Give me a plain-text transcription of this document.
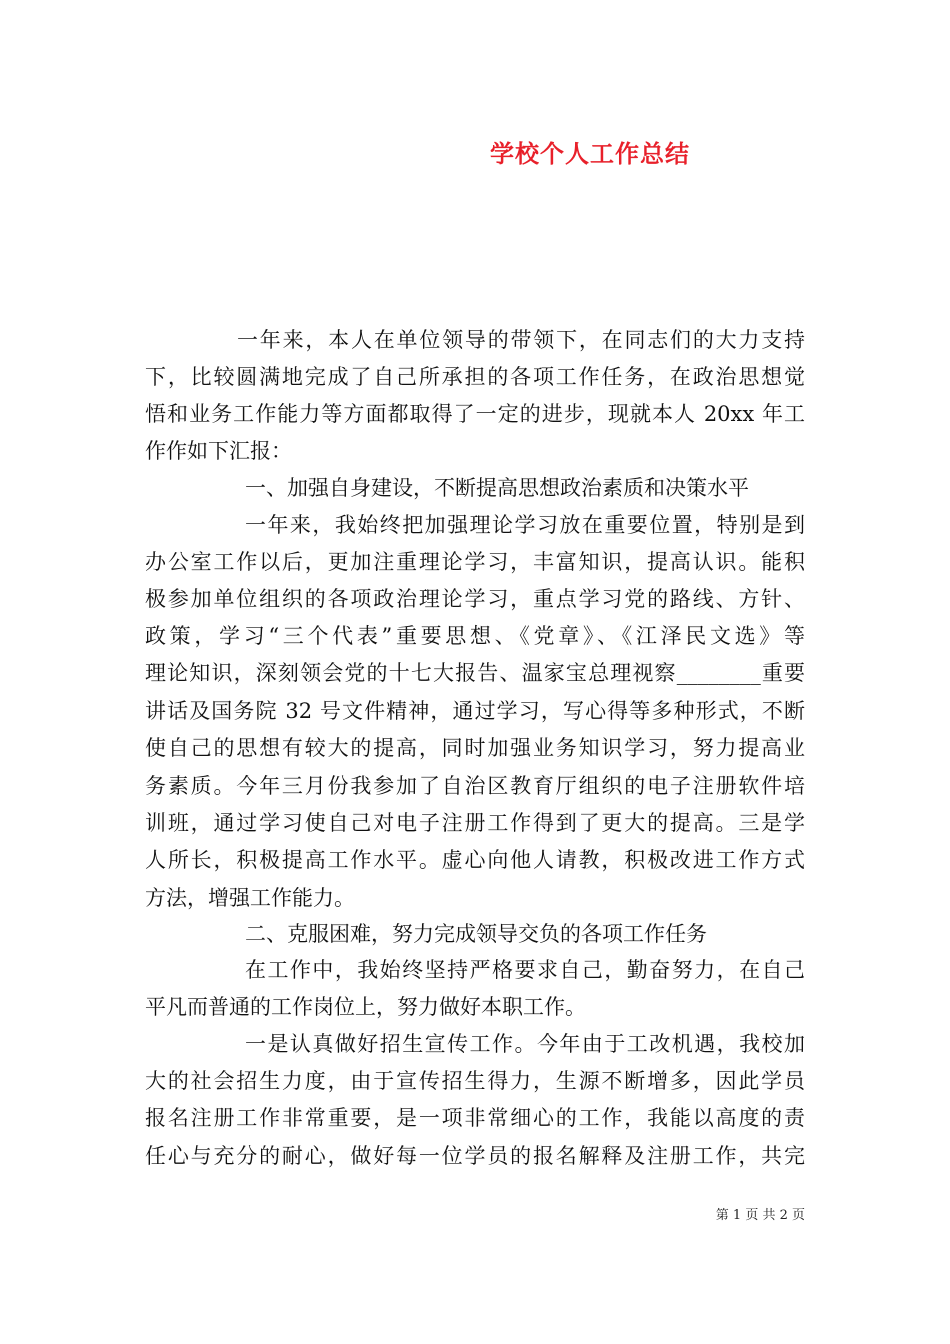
学校个人工作总结
一年来，本人在单位领导的带领下，在同志们的大力支持
下，比较圆满地完成了自己所承担的各项工作任务，在政治思想觉
悟和业务工作能力等方面都取得了一定的进步，现就本人 20xx 年工
作作如下汇报：
一、加强自身建设，不断提高思想政治素质和决策水平
一年来，我始终把加强理论学习放在重要位置，特别是到
办公室工作以后，更加注重理论学习，丰富知识，提高认识。能积
极参加单位组织的各项政治理论学习，重点学习党的路线、方针、
政策，学习“三个代表”重要思想、《党章》、《江泽民文选》等
理论知识，深刻领会党的十七大报告、温家宝总理视察________重要
讲话及国务院 32 号文件精神，通过学习，写心得等多种形式，不断
使自己的思想有较大的提高，同时加强业务知识学习，努力提高业
务素质。今年三月份我参加了自治区教育厅组织的电子注册软件培
训班，通过学习使自己对电子注册工作得到了更大的提高。三是学
人所长，积极提高工作水平。虚心向他人请教，积极改进工作方式
方法，增强工作能力。
二、克服困难，努力完成领导交负的各项工作任务
在工作中，我始终坚持严格要求自己，勤奋努力，在自己
平凡而普通的工作岗位上，努力做好本职工作。
一是认真做好招生宣传工作。今年由于工改机遇，我校加
大的社会招生力度，由于宣传招生得力，生源不断增多，因此学员
报名注册工作非常重要，是一项非常细心的工作，我能以高度的责
任心与充分的耐心，做好每一位学员的报名解释及注册工作，共完
第 1 页 共 2 页
